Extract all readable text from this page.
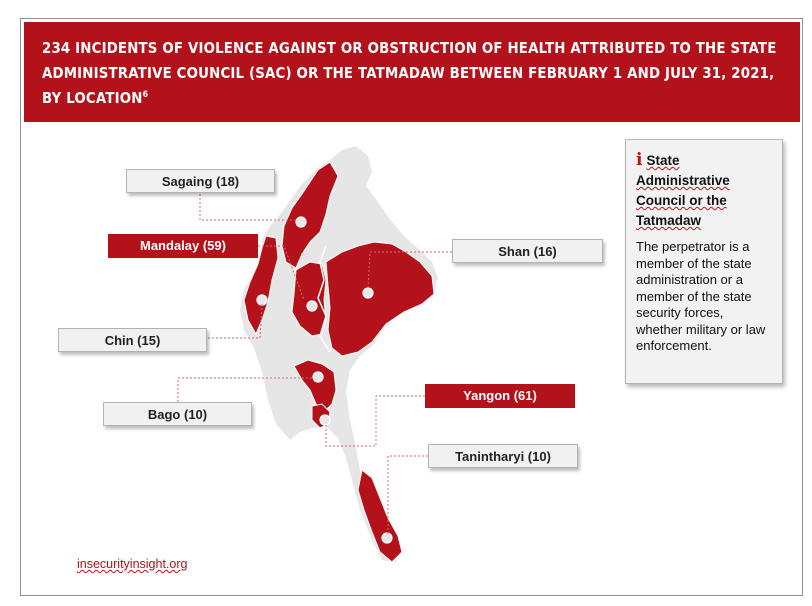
234 INCIDENTS OF VIOLENCE AGAINST OR OBSTRUCTION OF HEALTH ATTRIBUTED TO THE STATE ADMINISTRATIVE COUNCIL (SAC) OR THE TATMADAW BETWEEN FEBRUARY 1 AND JULY 31, 2021, BY LOCATION$^6$

Sagaing (18)
Mandalay (59)	Shan (16)
Chin (15)
Bago (10)
Yangon (61)
Tanintharyi (10)
i State Administrative Council or the Tatmadaw
The perpetrator is a member of the state administration or a member of the state security forces, whether military or law enforcement.
insecurityinsight.org
